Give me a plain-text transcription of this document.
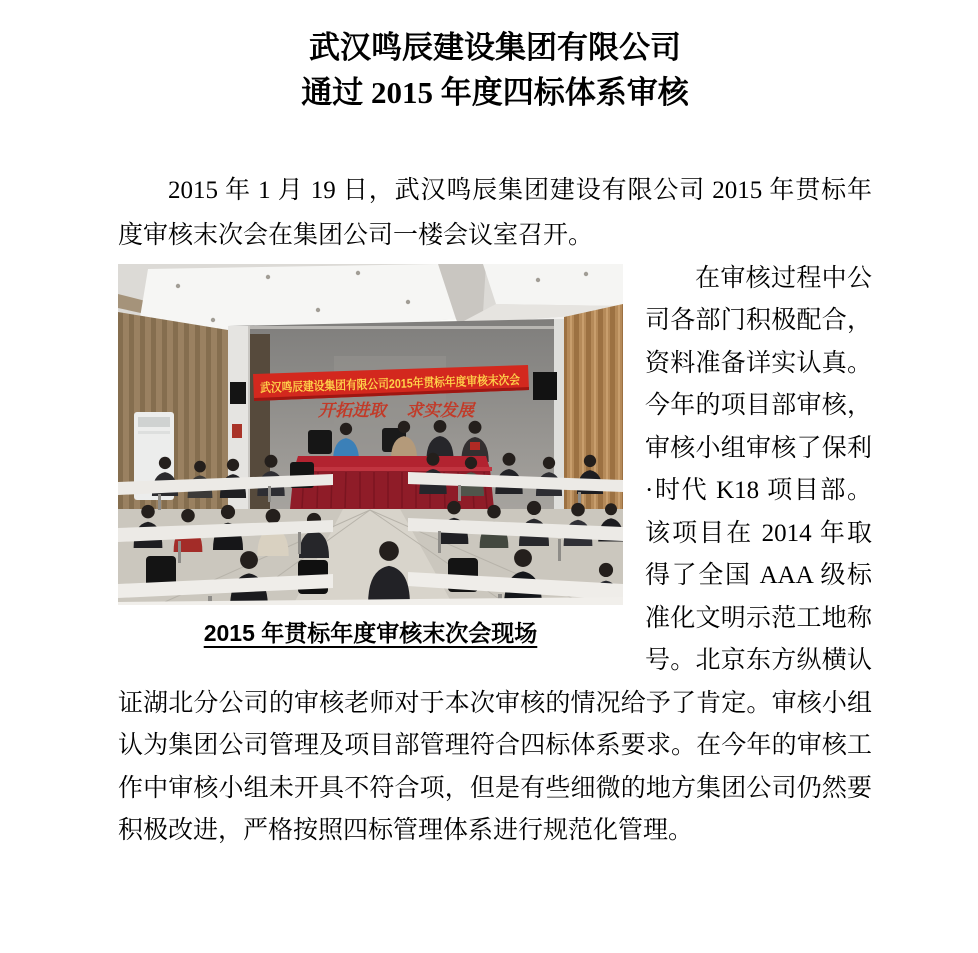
武汉鸣辰建设集团有限公司
通过 2015 年度四标体系审核

2015 年 1 月 19 日，武汉鸣辰集团建设有限公司 2015 年贯标年度审核末次会在集团公司一楼会议室召开。

武汉鸣辰建设集团有限公司2015年贯标年度审核末次会
开拓进取 求实发展
2015 年贯标年度审核末次会现场

在审核过程中公司各部门积极配合，资料准备详实认真。今年的项目部审核，审核小组审核了保利·时代 K18 项目部。该项目在 2014 年取得了全国 AAA 级标准化文明示范工地称号。北京东方纵横认证湖北分公司的审核老师对于本次审核的情况给予了肯定。审核小组认为集团公司管理及项目部管理符合四标体系要求。在今年的审核工作中审核小组未开具不符合项，但是有些细微的地方集团公司仍然要积极改进，严格按照四标管理体系进行规范化管理。
